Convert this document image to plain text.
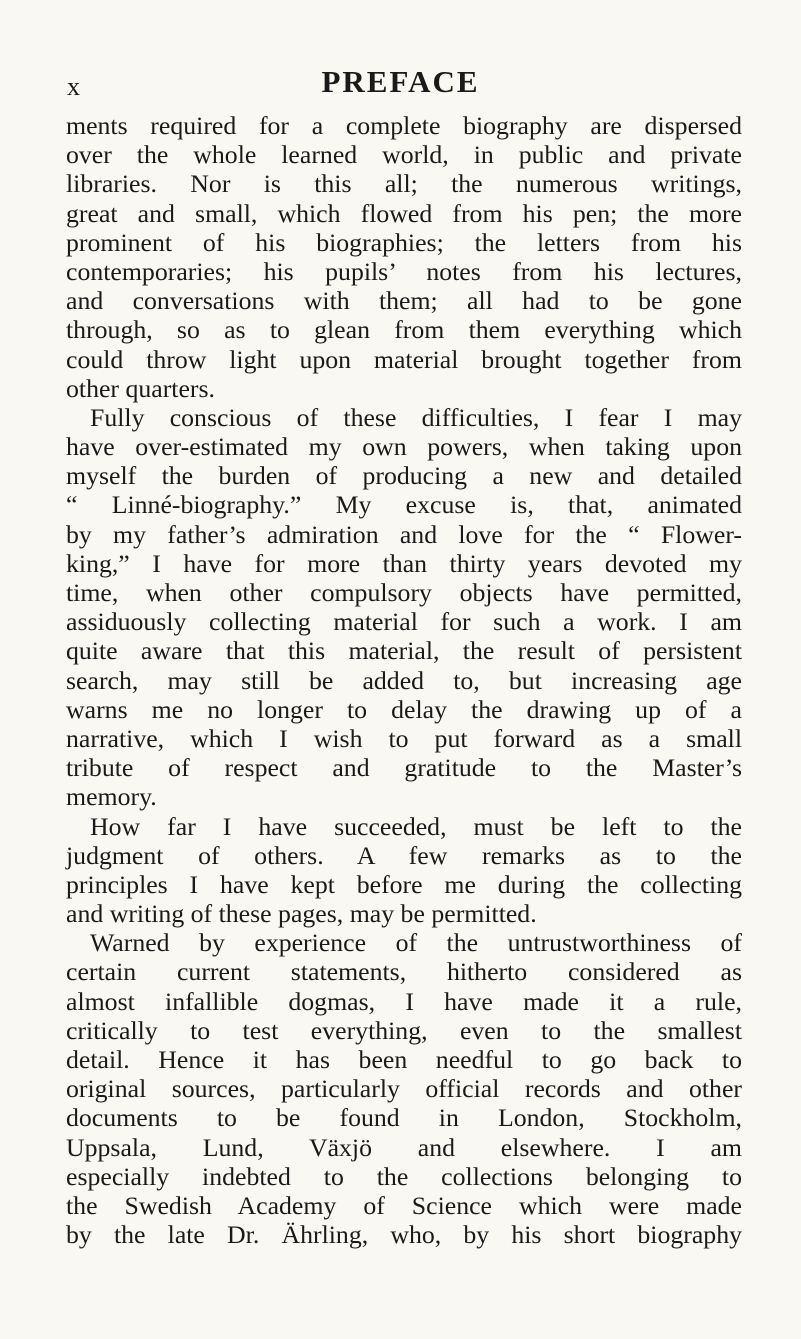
x	PREFACE
ments required for a complete biography are dispersed
over the whole learned world, in public and private
libraries. Nor is this all; the numerous writings,
great and small, which flowed from his pen; the more
prominent of his biographies; the letters from his
contemporaries; his pupils’ notes from his lectures,
and conversations with them; all had to be gone
through, so as to glean from them everything which
could throw light upon material brought together from
other quarters.
Fully conscious of these difficulties, I fear I may
have over-estimated my own powers, when taking upon
myself the burden of producing a new and detailed
“ Linné-biography.” My excuse is, that, animated
by my father’s admiration and love for the “ Flower-
king,” I have for more than thirty years devoted my
time, when other compulsory objects have permitted,
assiduously collecting material for such a work. I am
quite aware that this material, the result of persistent
search, may still be added to, but increasing age
warns me no longer to delay the drawing up of a
narrative, which I wish to put forward as a small
tribute of respect and gratitude to the Master’s
memory.
How far I have succeeded, must be left to the
judgment of others. A few remarks as to the
principles I have kept before me during the collecting
and writing of these pages, may be permitted.
Warned by experience of the untrustworthiness of
certain current statements, hitherto considered as
almost infallible dogmas, I have made it a rule,
critically to test everything, even to the smallest
detail. Hence it has been needful to go back to
original sources, particularly official records and other
documents to be found in London, Stockholm,
Uppsala, Lund, Växjö and elsewhere. I am
especially indebted to the collections belonging to
the Swedish Academy of Science which were made
by the late Dr. Ährling, who, by his short biography
